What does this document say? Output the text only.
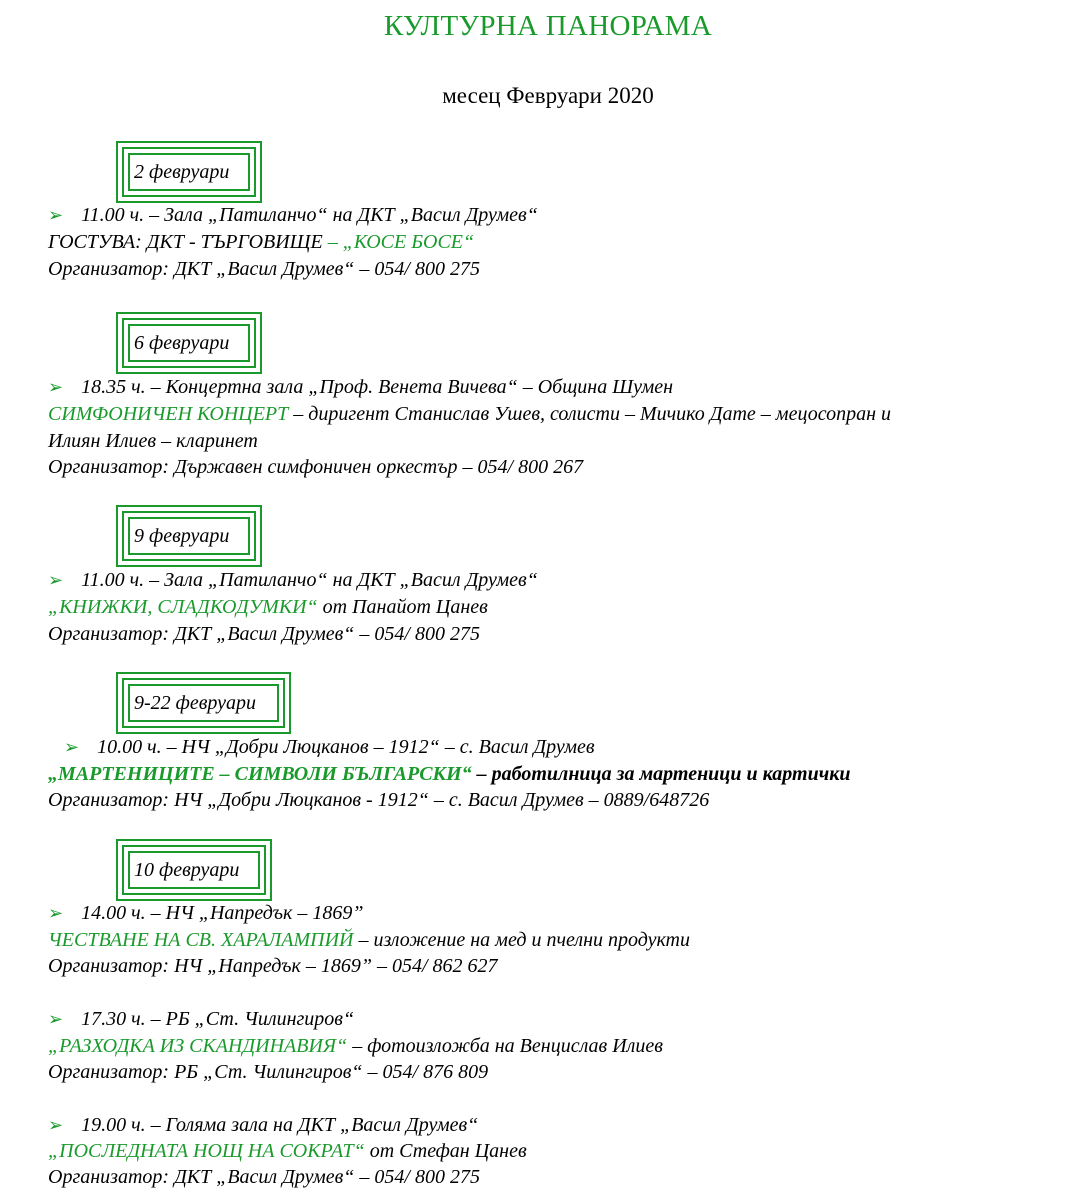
КУЛТУРНА ПАНОРАМА
месец Февруари 2020
2 февруари
➢ 11.00 ч. – Зала „Патиланчо“ на ДКТ „Васил Друмев“
ГОСТУВА: ДКТ - ТЪРГОВИЩЕ – „КОСЕ БОСЕ“
Организатор: ДКТ „Васил Друмев“ – 054/ 800 275
6 февруари
➢ 18.35 ч. – Концертна зала „Проф. Венета Вичева“ – Община Шумен
СИМФОНИЧЕН КОНЦЕРТ – диригент Станислав Ушев, солисти – Мичико Дате – мецосопран и
Илиян Илиев – кларинет
Организатор: Държавен симфоничен оркестър – 054/ 800 267
9 февруари
➢ 11.00 ч. – Зала „Патиланчо“ на ДКТ „Васил Друмев“
„КНИЖКИ, СЛАДКОДУМКИ“ от Панайот Цанев
Организатор: ДКТ „Васил Друмев“ – 054/ 800 275
9-22 февруари
➢ 10.00 ч. – НЧ „Добри Люцканов – 1912“ – с. Васил Друмев
„МАРТЕНИЦИТЕ – СИМВОЛИ БЪЛГАРСКИ“ – работилница за мартеници и картички
Организатор: НЧ „Добри Люцканов - 1912“ – с. Васил Друмев – 0889/648726
10 февруари
➢ 14.00 ч. – НЧ „Напредък – 1869”
ЧЕСТВАНЕ НА СВ. ХАРАЛАМПИЙ – изложение на мед и пчелни продукти
Организатор: НЧ „Напредък – 1869” – 054/ 862 627
➢ 17.30 ч. – РБ „Ст. Чилингиров“
„РАЗХОДКА ИЗ СКАНДИНАВИЯ“ – фотоизложба на Венцислав Илиев
Организатор: РБ „Ст. Чилингиров“ – 054/ 876 809
➢ 19.00 ч. – Голяма зала на ДКТ „Васил Друмев“
„ПОСЛЕДНАТА НОЩ НА СОКРАТ“ от Стефан Цанев
Организатор: ДКТ „Васил Друмев“ – 054/ 800 275
